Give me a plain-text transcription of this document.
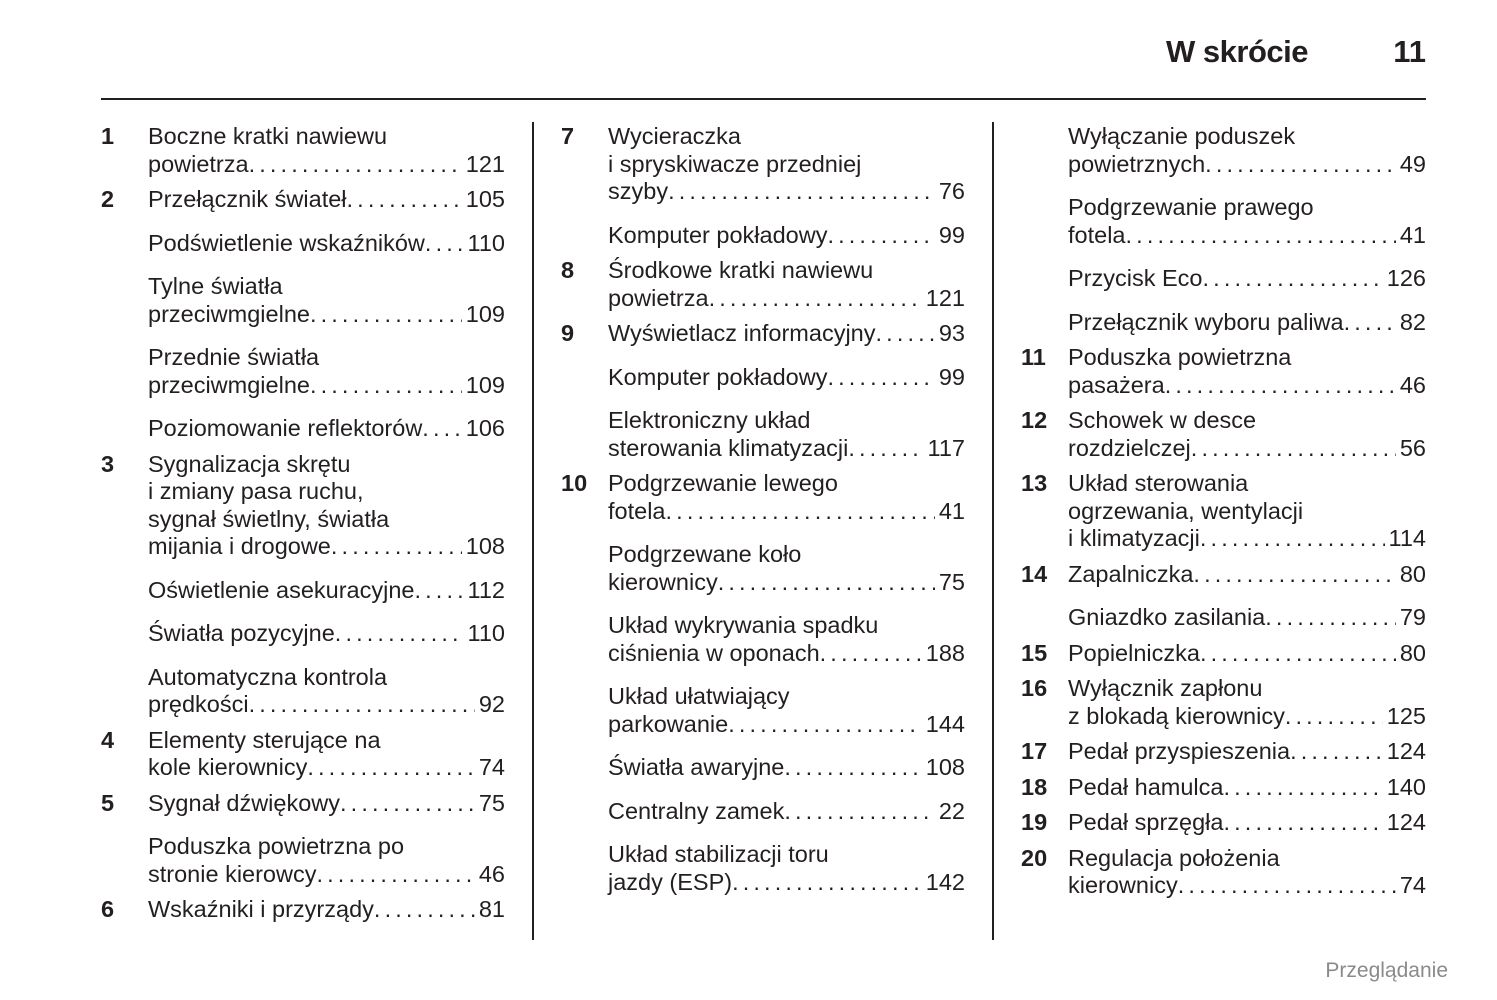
W skrócie	11
1 Boczne kratki nawiewu
powietrza . . .	121
2 Przełącznik świateł . . .	105
Podświetlenie wskaźników . . . 110
Tylne światła
przeciwmgielne . . .	109
Przednie światła
przeciwmgielne . . .	109
Poziomowanie reflektorów . . . 106
3 Sygnalizacja skrętu
i zmiany pasa ruchu,
sygnał świetlny, światła
mijania i drogowe . . .	108
Oświetlenie asekuracyjne . . . 112
Światła pozycyjne . . .	110
Automatyczna kontrola
prędkości . . .	92
4 Elementy sterujące na
kole kierownicy . . .	74
5 Sygnał dźwiękowy . . .	75
Poduszka powietrzna po
stronie kierowcy . . .	46
6 Wskaźniki i przyrządy . . .	81
7 Wycieraczka
i spryskiwacze przedniej
szyby . . .	76
Komputer pokładowy . . .	99
8 Środkowe kratki nawiewu
powietrza . . .	121
9 Wyświetlacz informacyjny . . .	93
Komputer pokładowy . . .	99
Elektroniczny układ
sterowania klimatyzacji . . .	117
10 Podgrzewanie lewego
fotela . . .	41
Podgrzewane koło
kierownicy . . .	75
Układ wykrywania spadku
ciśnienia w oponach . . .	188
Układ ułatwiający
parkowanie . . .	144
Światła awaryjne . . .	108
Centralny zamek . . .	22
Układ stabilizacji toru
jazdy (ESP) . . .	142
Wyłączanie poduszek
powietrznych . . .	49
Podgrzewanie prawego
fotela . . .	41
Przycisk Eco . . .	126
Przełącznik wyboru paliwa . . . 82
11 Poduszka powietrzna
pasażera . . .	46
12 Schowek w desce
rozdzielczej . . .	56
13 Układ sterowania
ogrzewania, wentylacji
i klimatyzacji . . .	114
14 Zapalniczka . . .	80
Gniazdko zasilania . . .	79
15 Popielniczka . . .	80
16 Wyłącznik zapłonu
z blokadą kierownicy . . .	125
17 Pedał przyspieszenia . . .	124
18 Pedał hamulca . . .	140
19 Pedał sprzęgła . . .	124
20 Regulacja położenia
kierownicy . . .	74
Przeglądanie
